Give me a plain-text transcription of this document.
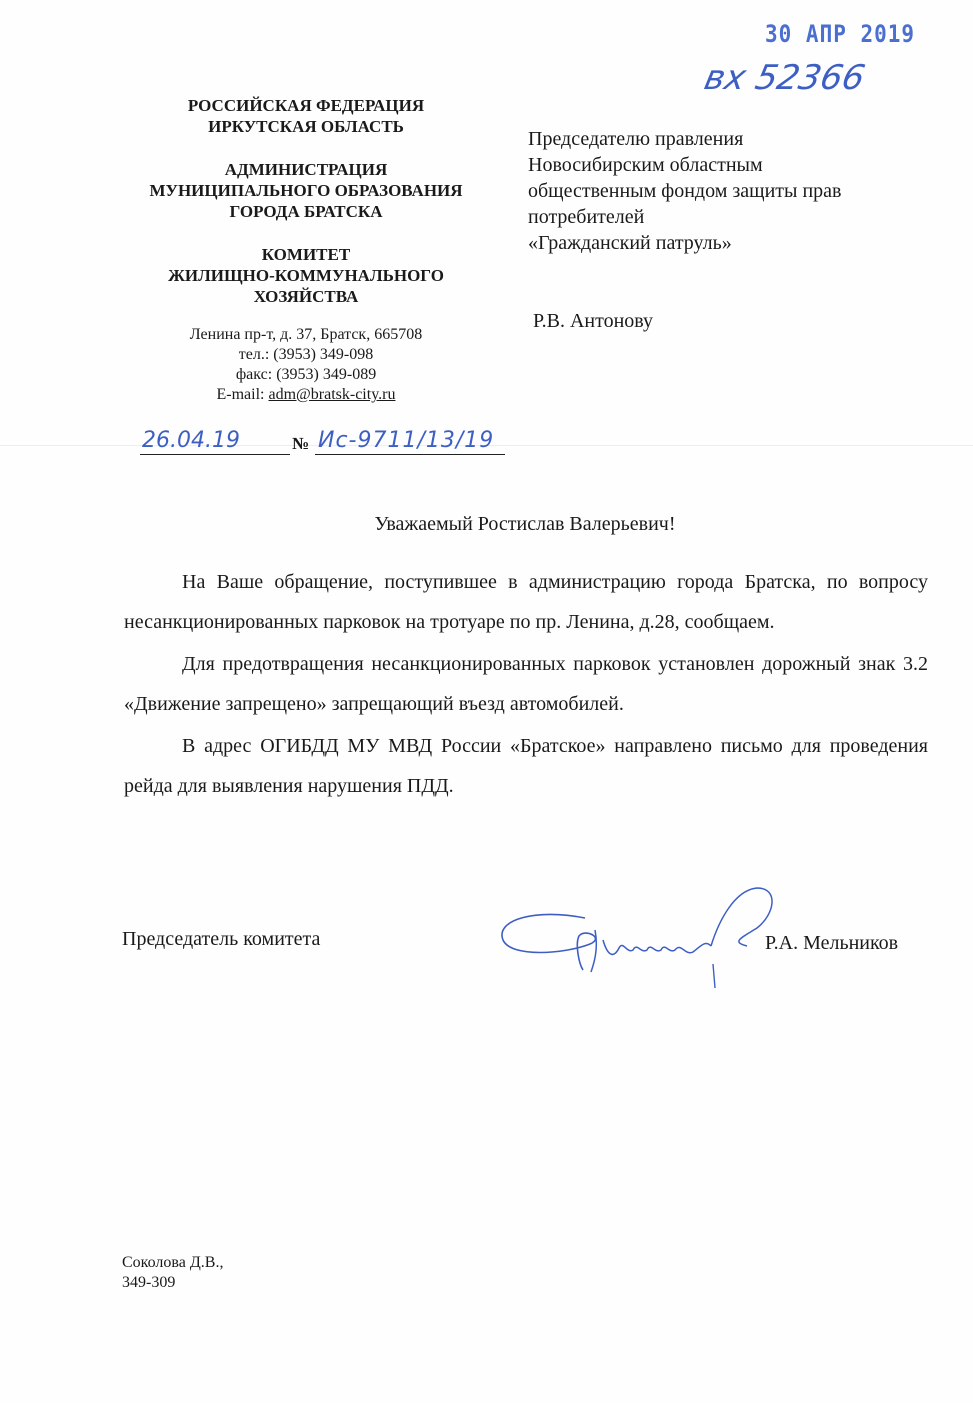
30 АПР 2019
вх 52366
РОССИЙСКАЯ ФЕДЕРАЦИЯ
ИРКУТСКАЯ ОБЛАСТЬ
АДМИНИСТРАЦИЯ
МУНИЦИПАЛЬНОГО ОБРАЗОВАНИЯ
ГОРОДА БРАТСКА
КОМИТЕТ
ЖИЛИЩНО-КОММУНАЛЬНОГО
ХОЗЯЙСТВА
Ленина пр-т, д. 37, Братск, 665708
тел.: (3953) 349-098
факс: (3953) 349-089
E-mail: adm@bratsk-city.ru
Председателю правления
Новосибирским областным
общественным фондом защиты прав
потребителей
«Гражданский патруль»
Р.В. Антонову
26.04.19	№ Ис-9711/13/19
Уважаемый Ростислав Валерьевич!

На Ваше обращение, поступившее в администрацию города Братска, по вопросу несанкционированных парковок на тротуаре по пр. Ленина, д.28, сообщаем.

Для предотвращения несанкционированных парковок установлен дорожный знак 3.2 «Движение запрещено» запрещающий въезд автомобилей.

В адрес ОГИБДД МУ МВД России «Братское» направлено письмо для проведения рейда для выявления нарушения ПДД.

Председатель комитета	Р.А. Мельников
Соколова Д.В.,
349-309
